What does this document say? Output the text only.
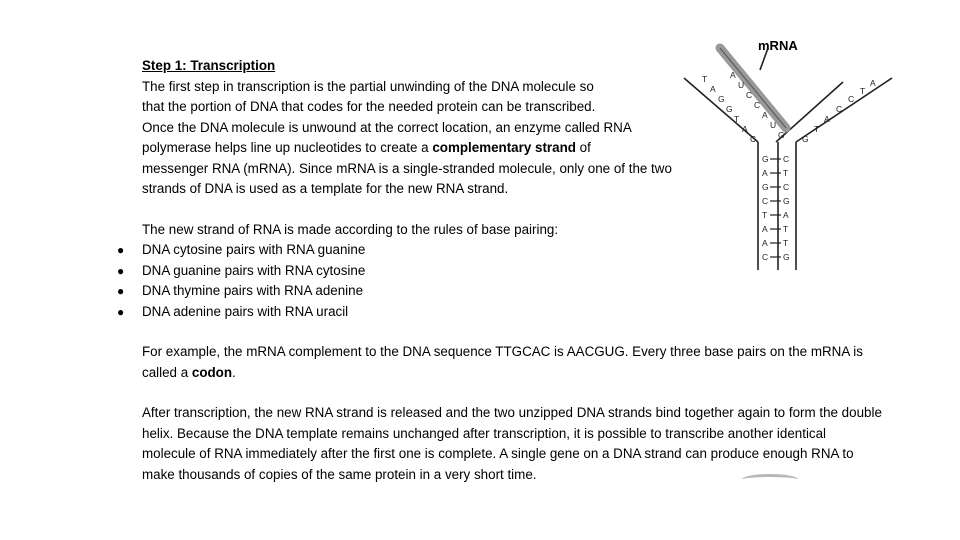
Step 1: Transcription

The first step in transcription is the partial unwinding of the DNA molecule so
that the portion of DNA that codes for the needed protein can be transcribed.
Once the DNA molecule is unwound at the correct location, an enzyme called RNA
polymerase helps line up nucleotides to create a complementary strand of
messenger RNA (mRNA). Since mRNA is a single-stranded molecule, only one of the two
strands of DNA is used as a template for the new RNA strand.

The new strand of RNA is made according to the rules of base pairing:

● DNA cytosine pairs with RNA guanine
● DNA guanine pairs with RNA cytosine
● DNA thymine pairs with RNA adenine
● DNA adenine pairs with RNA uracil

For example, the mRNA complement to the DNA sequence TTGCAC is AACGUG. Every three base pairs on the mRNA is called a codon.

After transcription, the new RNA strand is released and the two unzipped DNA strands bind together again to form the double helix. Because the DNA template remains unchanged after transcription, it is possible to transcribe another identical molecule of RNA immediately after the first one is complete. A single gene on a DNA strand can produce enough RNA to make thousands of copies of the same protein in a very short time.

mRNA
T
A
G
G
T
A
C
A
U
C
C
A
U
G
A
T
C
C
A
T
G
G
A
G
C
T
A
A
C
C
T
C
G
A
T
T
G
